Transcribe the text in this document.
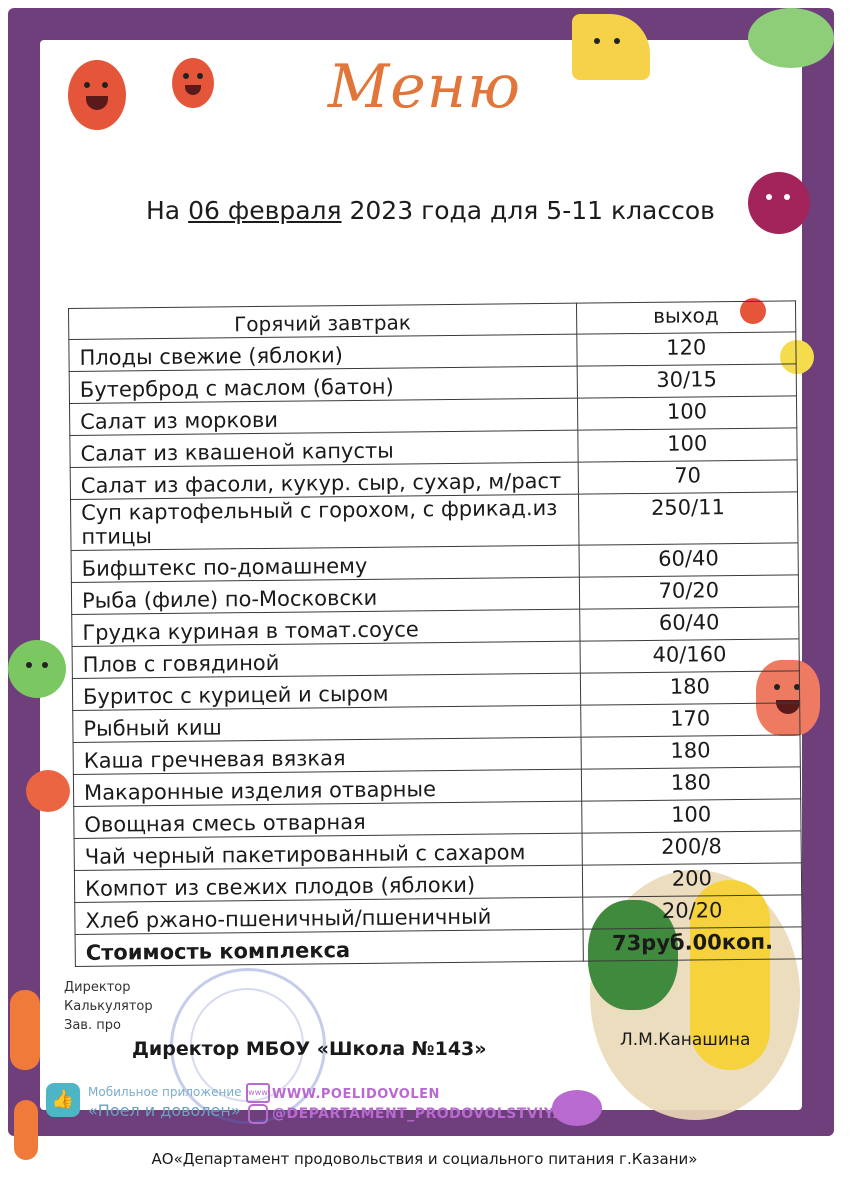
Меню
На 06 февраля 2023 года для 5-11 классов
Горячий завтрак	выход
Плоды свежие (яблоки)	120
Бутерброд с маслом (батон)	30/15
Салат из моркови	100
Салат из квашеной капусты	100
Салат из фасоли, кукур. сыр, сухар, м/раст	70
Суп картофельный с горохом, с фрикад.из птицы	250/11
Бифштекс по-домашнему	60/40
Рыба (филе) по-Московски	70/20
Грудка куриная в томат.соусе	60/40
Плов с говядиной	40/160
Буритос с курицей и сыром	180
Рыбный киш	170
Каша гречневая вязкая	180
Макаронные изделия отварные	180
Овощная смесь отварная	100
Чай черный пакетированный с сахаром	200/8
Компот из свежих плодов (яблоки)	200
Хлеб ржано-пшеничный/пшеничный	20/20
Стоимость комплекса	73руб.00коп.
Директор
Калькулятор
Зав. про
Директор МБОУ «Школа №143»	Л.М.Канашина
👍	Мобильное приложение
«Поел и доволен»
www WWW.POELIDOVOLEN
@DEPARTAMENT_PRODOVOLSTVIYA
АО«Департамент продовольствия и социального питания г.Казани»
